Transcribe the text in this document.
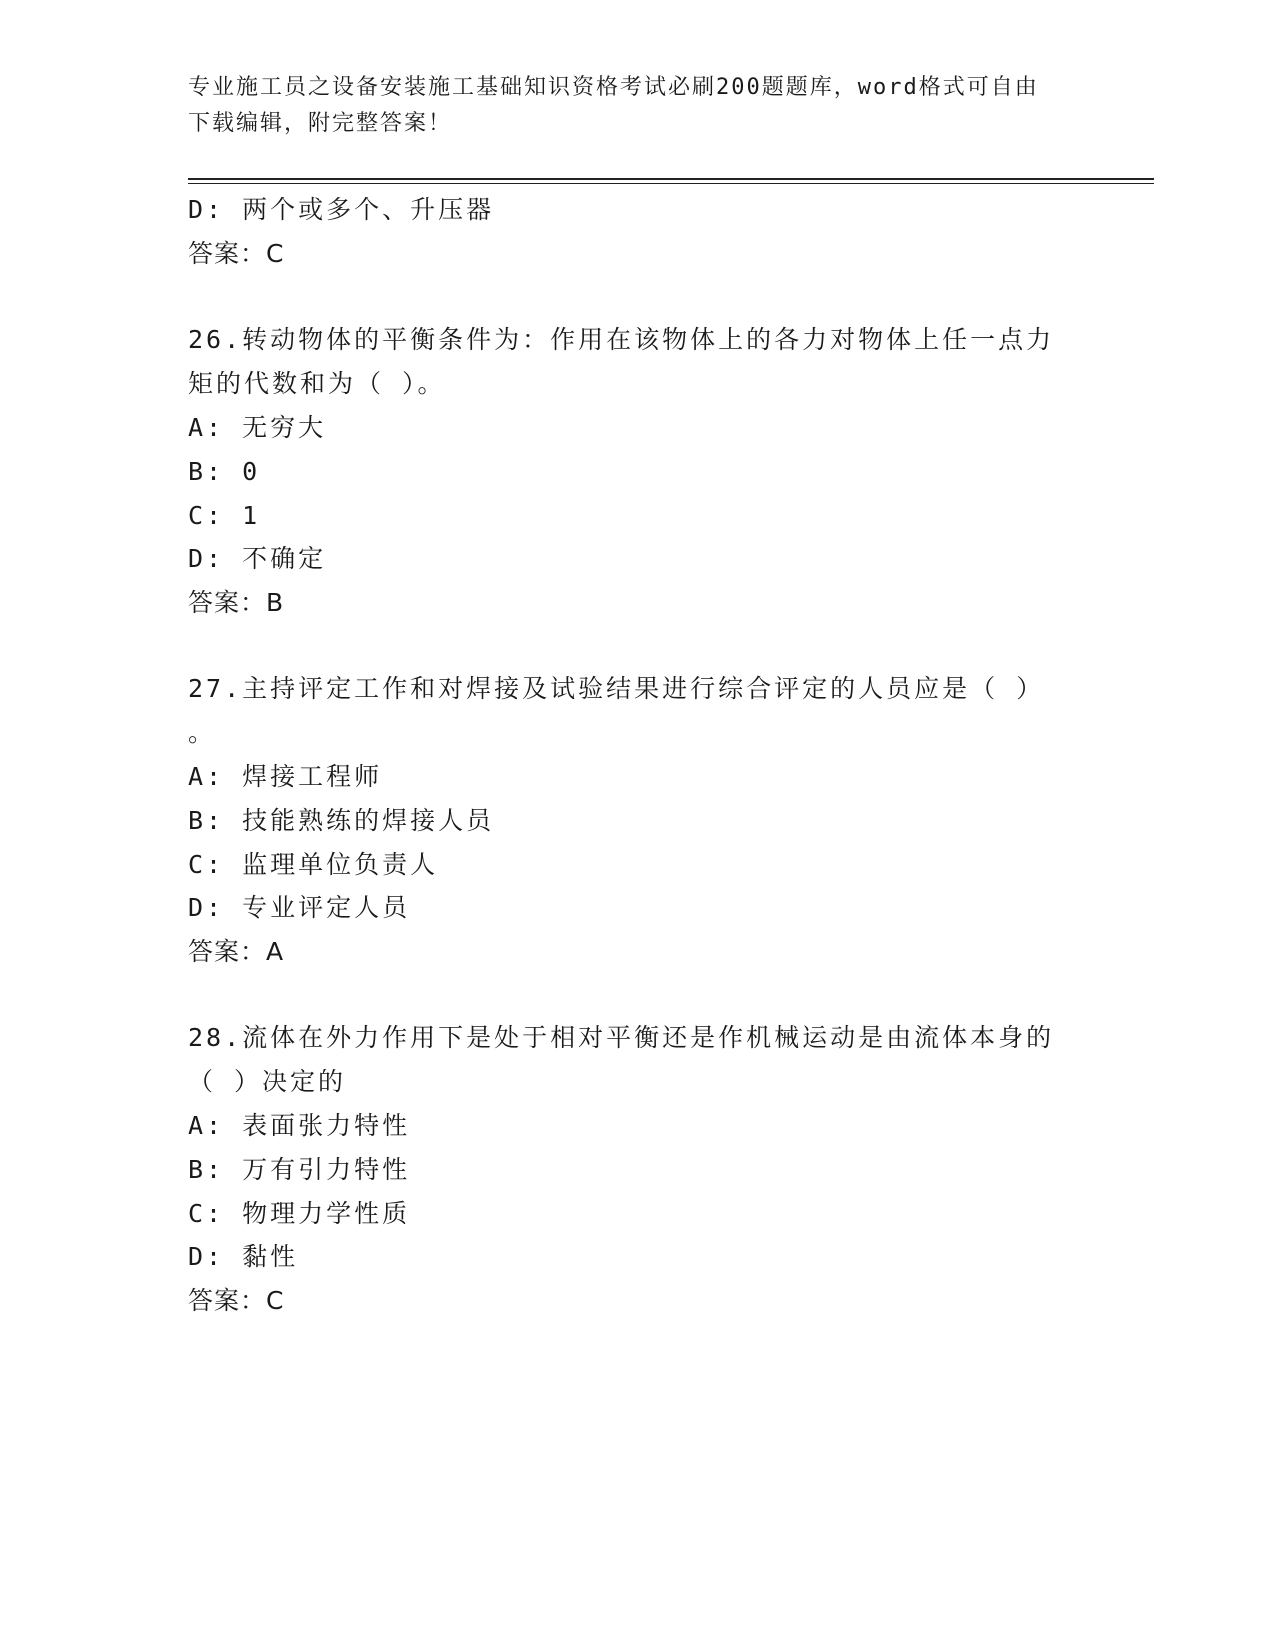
专业施工员之设备安装施工基础知识资格考试必刷200题题库，word格式可自由
下载编辑，附完整答案！
D: 两个或多个、升压器
答案：C
26.转动物体的平衡条件为：作用在该物体上的各力对物体上任一点力
矩的代数和为（ ）。
A: 无穷大
B: 0
C: 1
D: 不确定
答案：B
27.主持评定工作和对焊接及试验结果进行综合评定的人员应是（ ）
。
A: 焊接工程师
B: 技能熟练的焊接人员
C: 监理单位负责人
D: 专业评定人员
答案：A
28.流体在外力作用下是处于相对平衡还是作机械运动是由流体本身的
（ ）决定的
A: 表面张力特性
B: 万有引力特性
C: 物理力学性质
D: 黏性
答案：C
